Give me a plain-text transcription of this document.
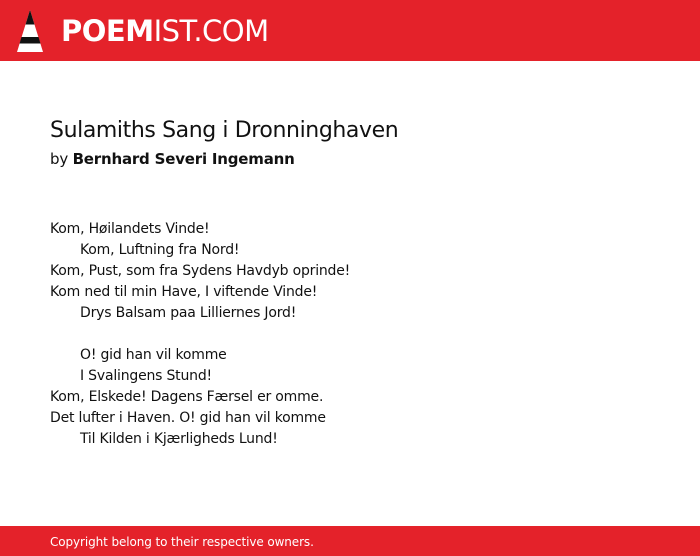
POEMIST.COM
Sulamiths Sang i Dronninghaven
by Bernhard Severi Ingemann
Kom, Høilandets Vinde!
Kom, Luftning fra Nord!
Kom, Pust, som fra Sydens Havdyb oprinde!
Kom ned til min Have, I viftende Vinde!
Drys Balsam paa Lilliernes Jord!
O! gid han vil komme
I Svalingens Stund!
Kom, Elskede! Dagens Færsel er omme.
Det lufter i Haven. O! gid han vil komme
Til Kilden i Kjærligheds Lund!
Copyright belong to their respective owners.
